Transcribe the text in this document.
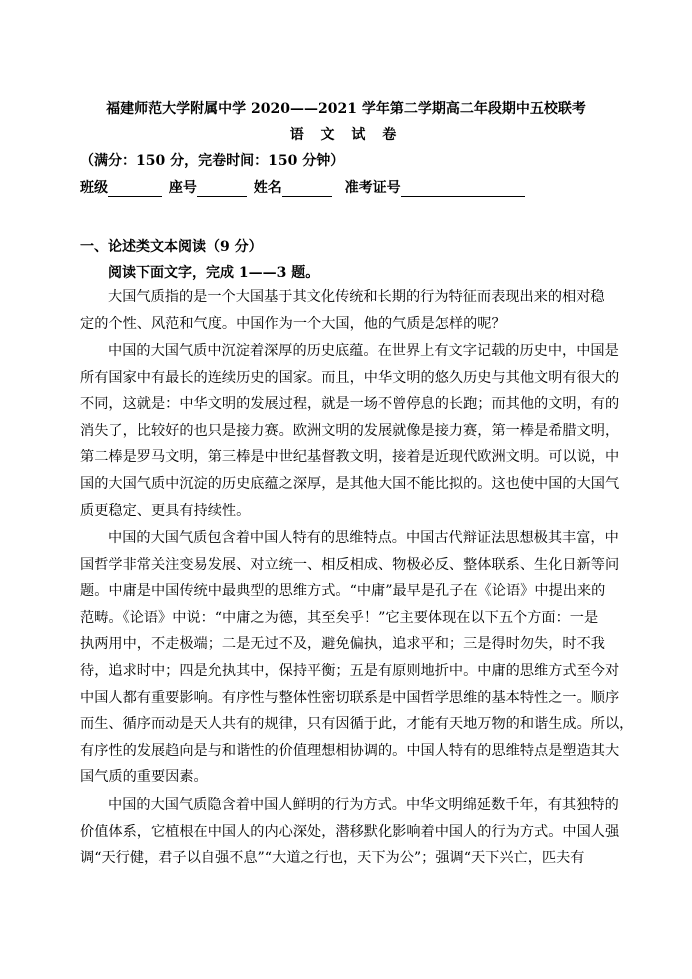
福建师范大学附属中学 2020——2021 学年第二学期高二年段期中五校联考
语 文 试 卷
（满分：150 分，完卷时间：150 分钟）
班级	座号	姓名	准考证号
一、论述类文本阅读（9 分）
阅读下面文字，完成 1——3 题。
大国气质指的是一个大国基于其文化传统和长期的行为特征而表现出来的相对稳
定的个性、风范和气度。中国作为一个大国，他的气质是怎样的呢？
中国的大国气质中沉淀着深厚的历史底蕴。在世界上有文字记载的历史中，中国是
所有国家中有最长的连续历史的国家。而且，中华文明的悠久历史与其他文明有很大的
不同，这就是：中华文明的发展过程，就是一场不曾停息的长跑；而其他的文明，有的
消失了，比较好的也只是接力赛。欧洲文明的发展就像是接力赛，第一棒是希腊文明，
第二棒是罗马文明，第三棒是中世纪基督教文明，接着是近现代欧洲文明。可以说，中
国的大国气质中沉淀的历史底蕴之深厚，是其他大国不能比拟的。这也使中国的大国气
质更稳定、更具有持续性。
中国的大国气质包含着中国人特有的思维特点。中国古代辩证法思想极其丰富，中
国哲学非常关注变易发展、对立统一、相反相成、物极必反、整体联系、生化日新等问
题。中庸是中国传统中最典型的思维方式。“中庸”最早是孔子在《论语》中提出来的
范畴。《论语》中说：“中庸之为德，其至矣乎！”它主要体现在以下五个方面：一是
执两用中，不走极端；二是无过不及，避免偏执，追求平和；三是得时勿失，时不我
待，追求时中；四是允执其中，保持平衡；五是有原则地折中。中庸的思维方式至今对
中国人都有重要影响。有序性与整体性密切联系是中国哲学思维的基本特性之一。顺序
而生、循序而动是天人共有的规律，只有因循于此，才能有天地万物的和谐生成。所以，
有序性的发展趋向是与和谐性的价值理想相协调的。中国人特有的思维特点是塑造其大
国气质的重要因素。
中国的大国气质隐含着中国人鲜明的行为方式。中华文明绵延数千年，有其独特的
价值体系，它植根在中国人的内心深处，潜移默化影响着中国人的行为方式。中国人强
调“天行健，君子以自强不息”“大道之行也，天下为公”；强调“天下兴亡，匹夫有
